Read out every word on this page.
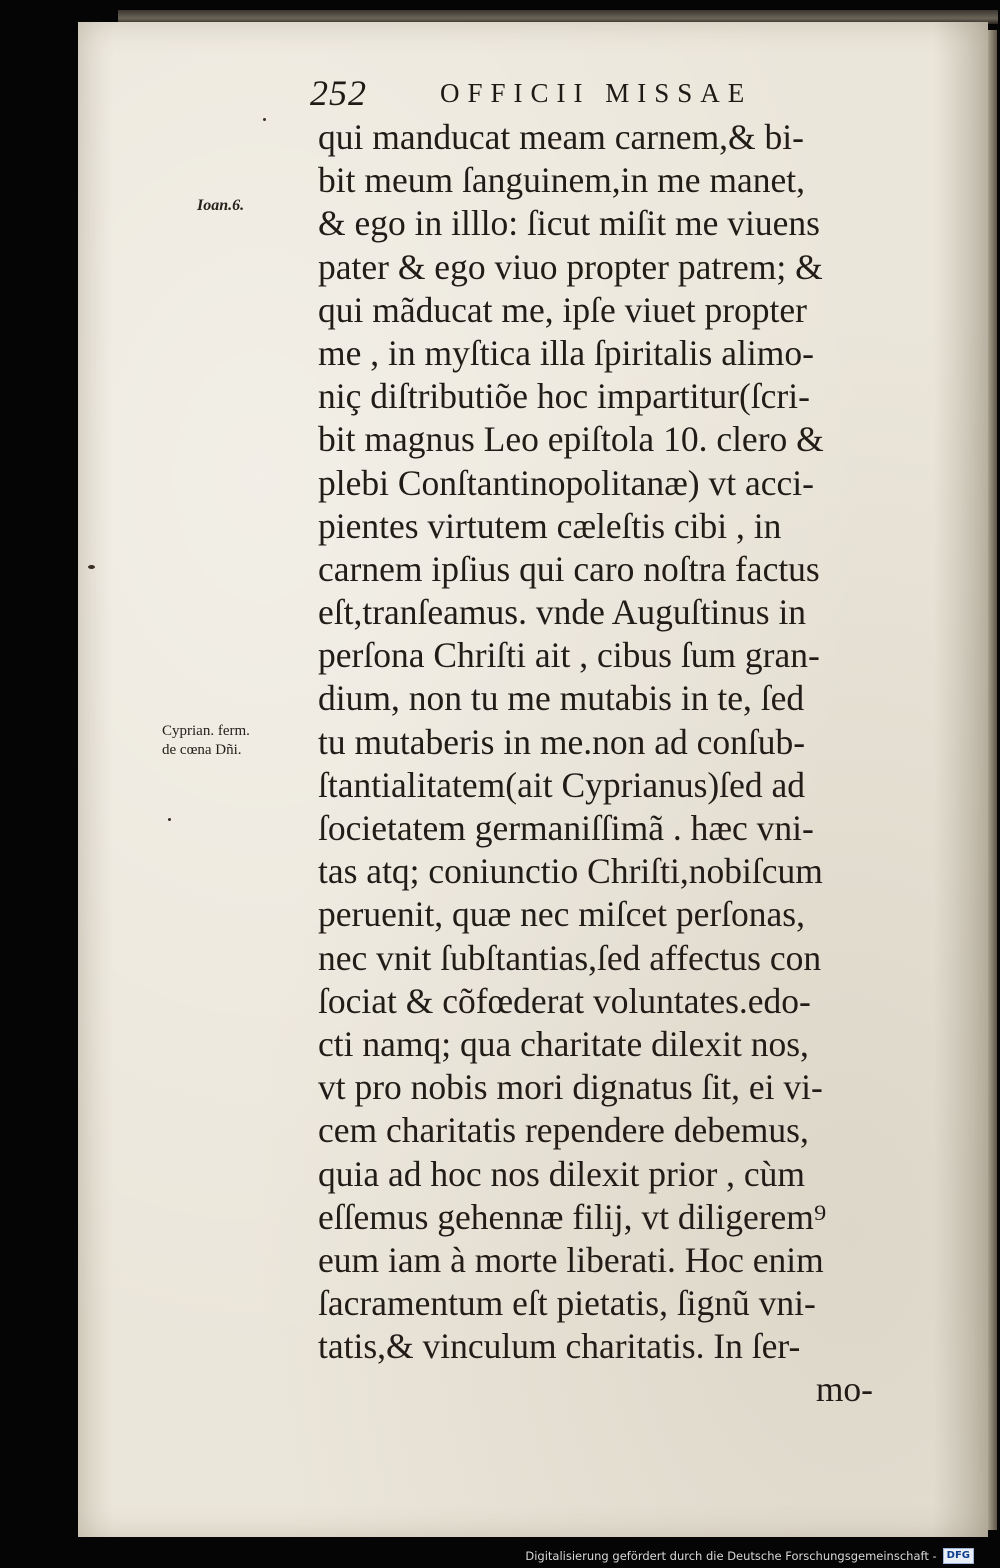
252	OFFICII MISSAE
Ioan.6.
Cyprian. ferm.
de cœna Dñi.
qui manducat meam carnem,& bi-
bit meum ſanguinem,in me manet,
& ego in illlo: ſicut miſit me viuens
pater & ego viuo propter patrem; &
qui mãducat me, ipſe viuet propter
me , in myſtica illa ſpiritalis alimo-
niç diſtributiõe hoc impartitur(ſcri-
bit magnus Leo epiſtola 10. clero &
plebi Conſtantinopolitanæ) vt acci-
pientes virtutem cæleſtis cibi , in
carnem ipſius qui caro noſtra factus
eſt,tranſeamus. vnde Auguſtinus in
perſona Chriſti ait , cibus ſum gran-
dium, non tu me mutabis in te, ſed
tu mutaberis in me.non ad conſub-
ſtantialitatem(ait Cyprianus)ſed ad
ſocietatem germaniſſimã . hæc vni-
tas atq; coniunctio Chriſti,nobiſcum
peruenit, quæ nec miſcet perſonas,
nec vnit ſubſtantias,ſed affectus con
ſociat & cõfœderat voluntates.edo-
cti namq; qua charitate dilexit nos,
vt pro nobis mori dignatus ſit, ei vi-
cem charitatis rependere debemus,
quia ad hoc nos dilexit prior , cùm
eſſemus gehennæ filij, vt diligerem⁹
eum iam à morte liberati. Hoc enim
ſacramentum eſt pietatis, ſignũ vni-
tatis,& vinculum charitatis. In ſer-
mo-
Digitalisierung gefördert durch die Deutsche Forschungsgemeinschaft -	DFG
